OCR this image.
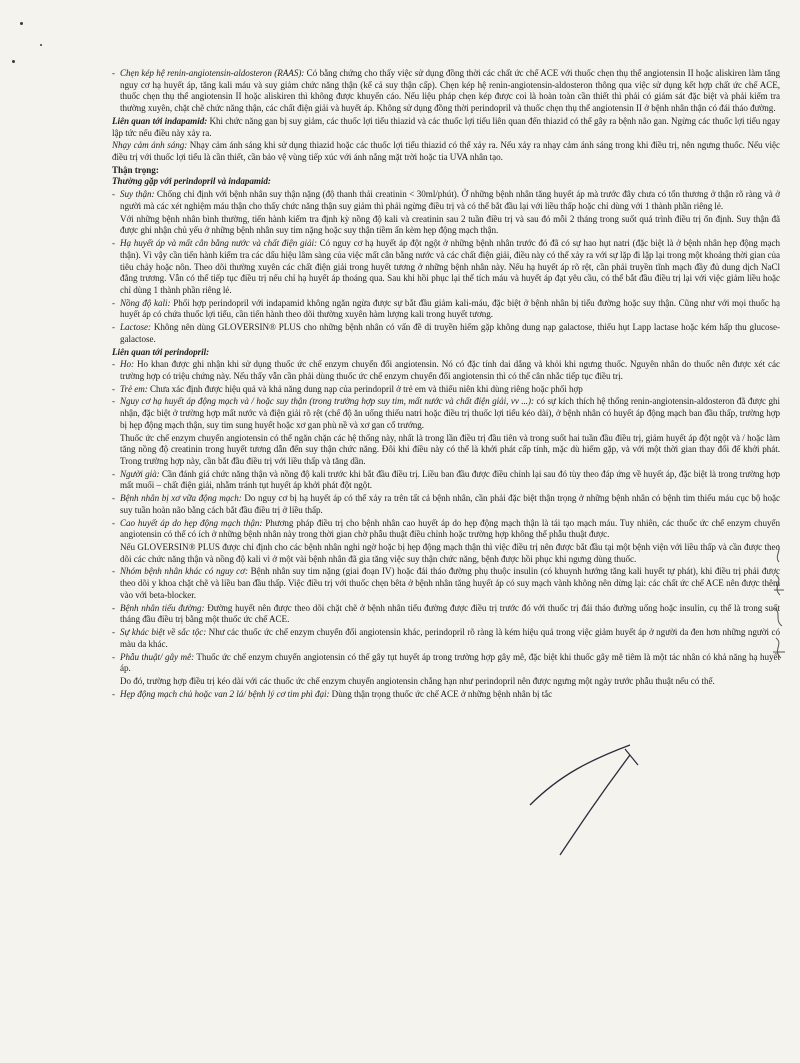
- Chẹn kép hệ renin-angiotensin-aldosteron (RAAS): Có bằng chứng cho thấy việc sử dụng đồng thời các chất ức chế ACE với thuốc chẹn thụ thể angiotensin II hoặc aliskiren làm tăng nguy cơ hạ huyết áp, tăng kali máu và suy giảm chức năng thận (kể cả suy thận cấp). Chẹn kép hệ renin-angiotensin-aldosteron thông qua việc sử dụng kết hợp chất ức chế ACE, thuốc chẹn thụ thể angiotensin II hoặc aliskiren thì không được khuyến cáo. Nếu liệu pháp chẹn kép được coi là hoàn toàn cần thiết thì phải có giám sát đặc biệt và phải kiểm tra thường xuyên, chặt chẽ chức năng thận, các chất điện giải và huyết áp. Không sử dụng đồng thời perindopril và thuốc chẹn thụ thể angiotensin II ở bệnh nhân thận có đái tháo đường.

Liên quan tới indapamid: Khi chức năng gan bị suy giảm, các thuốc lợi tiểu thiazid và các thuốc lợi tiểu liên quan đến thiazid có thể gây ra bệnh não gan. Ngừng các thuốc lợi tiểu ngay lập tức nếu điều này xảy ra.

Nhạy cảm ánh sáng: Nhạy cảm ánh sáng khi sử dụng thiazid hoặc các thuốc lợi tiểu thiazid có thể xảy ra. Nếu xảy ra nhạy cảm ánh sáng trong khi điều trị, nên ngưng thuốc. Nếu việc điều trị với thuốc lợi tiểu là cần thiết, cần bảo vệ vùng tiếp xúc với ánh nắng mặt trời hoặc tia UVA nhân tạo.

Thận trọng:
Thường gặp với perindopril và indapamid:
- Suy thận: Chống chỉ định với bệnh nhân suy thận nặng (độ thanh thải creatinin < 30ml/phút). Ở những bệnh nhân tăng huyết áp mà trước đây chưa có tổn thương ở thận rõ ràng và ở người mà các xét nghiệm máu thận cho thấy chức năng thận suy giảm thì phải ngừng điều trị và có thể bắt đầu lại với liều thấp hoặc chỉ dùng với 1 thành phần riêng lẻ.
Với những bệnh nhân bình thường, tiến hành kiểm tra định kỳ nồng độ kali và creatinin sau 2 tuần điều trị và sau đó mỗi 2 tháng trong suốt quá trình điều trị ổn định. Suy thận đã được ghi nhận chủ yếu ở những bệnh nhân suy tim nặng hoặc suy thận tiềm ẩn kèm hẹp động mạch thận.
- Hạ huyết áp và mất cân bằng nước và chất điện giải: Có nguy cơ hạ huyết áp đột ngột ở những bệnh nhân trước đó đã có sự hao hụt natri (đặc biệt là ở bệnh nhân hẹp động mạch thận). Vì vậy cần tiến hành kiểm tra các dấu hiệu lâm sàng của việc mất cân bằng nước và các chất điện giải, điều này có thể xảy ra với sự lặp đi lặp lại trong một khoảng thời gian của tiêu chảy hoặc nôn. Theo dõi thường xuyên các chất điện giải trong huyết tương ở những bệnh nhân này. Nếu hạ huyết áp rõ rệt, cần phải truyền tĩnh mạch đầy đủ dung dịch NaCl đẳng trương. Vẫn có thể tiếp tục điều trị nếu chỉ hạ huyết áp thoáng qua. Sau khi hồi phục lại thể tích máu và huyết áp đạt yêu cầu, có thể bắt đầu điều trị lại với việc giảm liều hoặc chỉ dùng 1 thành phần riêng lẻ.
- Nồng độ kali: Phối hợp perindopril với indapamid không ngăn ngừa được sự bắt đầu giảm kali-máu, đặc biệt ở bệnh nhân bị tiểu đường hoặc suy thận. Cũng như với mọi thuốc hạ huyết áp có chứa thuốc lợi tiểu, cần tiến hành theo dõi thường xuyên hàm lượng kali trong huyết tương.
- Lactose: Không nên dùng GLOVERSIN® PLUS cho những bệnh nhân có vấn đề di truyền hiếm gặp không dung nạp galactose, thiếu hụt Lapp lactase hoặc kém hấp thu glucose-galactose.
Liên quan tới perindopril:
- Ho: Ho khan được ghi nhận khi sử dụng thuốc ức chế enzym chuyển đổi angiotensin. Nó có đặc tính dai dẳng và khỏi khi ngưng thuốc. Nguyên nhân do thuốc nên được xét các trường hợp có triệu chứng này. Nếu thấy vẫn cần phải dùng thuốc ức chế enzym chuyển đổi angiotensin thì có thể cân nhắc tiếp tục điều trị.
- Trẻ em: Chưa xác định được hiệu quả và khả năng dung nạp của perindopril ở trẻ em và thiếu niên khi dùng riêng hoặc phối hợp
- Nguy cơ hạ huyết áp động mạch và / hoặc suy thận (trong trường hợp suy tim, mất nước và chất điện giải, vv ...): có sự kích thích hệ thống renin-angiotensin-aldosteron đã được ghi nhận, đặc biệt ở trường hợp mất nước và điện giải rõ rệt (chế độ ăn uống thiếu natri hoặc điều trị thuốc lợi tiểu kéo dài), ở bệnh nhân có huyết áp động mạch ban đầu thấp, trường hợp bị hẹp động mạch thận, suy tim sung huyết hoặc xơ gan phù nề và xơ gan cổ trướng.
Thuốc ức chế enzym chuyển angiotensin có thể ngăn chặn các hệ thống này, nhất là trong lần điều trị đầu tiên và trong suốt hai tuần đầu điều trị, giảm huyết áp đột ngột và / hoặc làm tăng nồng độ creatinin trong huyết tương dẫn đến suy thận chức năng. Đôi khi điều này có thể là khởi phát cấp tính, mặc dù hiếm gặp, và với một thời gian thay đổi để khởi phát. Trong trường hợp này, cần bắt đầu điều trị với liều thấp và tăng dần.
- Người già: Cần đánh giá chức năng thận và nồng độ kali trước khi bắt đầu điều trị. Liều ban đầu được điều chỉnh lại sau đó tùy theo đáp ứng về huyết áp, đặc biệt là trong trường hợp mất muối – chất điện giải, nhằm tránh tụt huyết áp khởi phát đột ngột.
- Bệnh nhân bị xơ vữa động mạch: Do nguy cơ bị hạ huyết áp có thể xảy ra trên tất cả bệnh nhân, cần phải đặc biệt thận trọng ở những bệnh nhân có bệnh tim thiếu máu cục bộ hoặc suy tuần hoàn não bằng cách bắt đầu điều trị ở liều thấp.
- Cao huyết áp do hẹp động mạch thận: Phương pháp điều trị cho bệnh nhân cao huyết áp do hẹp động mạch thận là tái tạo mạch máu. Tuy nhiên, các thuốc ức chế enzym chuyển angiotensin có thể có ích ở những bệnh nhân này trong thời gian chờ phẫu thuật điều chỉnh hoặc trường hợp không thể phẫu thuật được.
Nếu GLOVERSIN® PLUS được chỉ định cho các bệnh nhân nghi ngờ hoặc bị hẹp động mạch thận thì việc điều trị nên được bắt đầu tại một bệnh viện với liều thấp và cần được theo dõi các chức năng thận và nồng độ kali vì ở một vài bệnh nhân đã gia tăng việc suy thận chức năng, bệnh được hồi phục khi ngưng dùng thuốc.
- Nhóm bệnh nhân khác có nguy cơ: Bệnh nhân suy tim nặng (giai đoạn IV) hoặc đái tháo đường phụ thuộc insulin (có khuynh hướng tăng kali huyết tự phát), khi điều trị phải được theo dõi y khoa chặt chẽ và liều ban đầu thấp. Việc điều trị với thuốc chẹn bêta ở bệnh nhân tăng huyết áp có suy mạch vành không nên dừng lại: các chất ức chế ACE nên được thêm vào với beta-blocker.
- Bệnh nhân tiểu đường: Đường huyết nên được theo dõi chặt chẽ ở bệnh nhân tiểu đường được điều trị trước đó với thuốc trị đái tháo đường uống hoặc insulin, cụ thể là trong suốt tháng đầu điều trị bằng một thuốc ức chế ACE.
- Sự khác biệt về sắc tộc: Như các thuốc ức chế enzym chuyển đổi angiotensin khác, perindopril rõ ràng là kém hiệu quả trong việc giảm huyết áp ở người da đen hơn những người có màu da khác.
- Phẫu thuật/ gây mê: Thuốc ức chế enzym chuyển angiotensin có thể gây tụt huyết áp trong trường hợp gây mê, đặc biệt khi thuốc gây mê tiêm là một tác nhân có khả năng hạ huyết áp.
Do đó, trường hợp điều trị kéo dài với các thuốc ức chế enzym chuyển angiotensin chẳng hạn như perindopril nên được ngưng một ngày trước phẫu thuật nếu có thể.
- Hẹp động mạch chủ hoặc van 2 lá/ bệnh lý cơ tim phì đại: Dùng thận trọng thuốc ức chế ACE ở những bệnh nhân bị tắc
